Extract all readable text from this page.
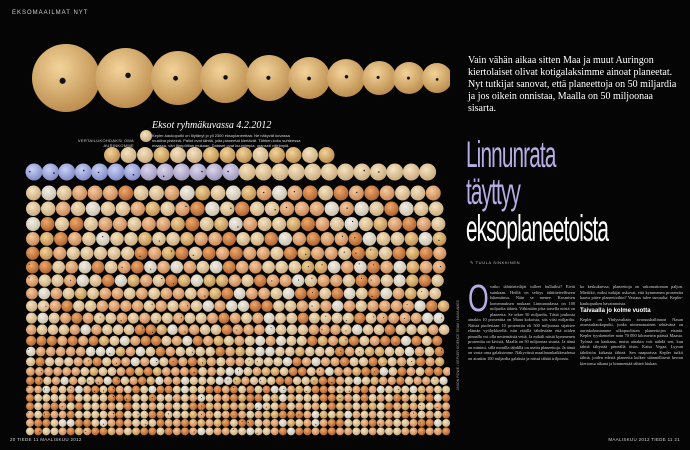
EKSOMAAILMAT NYT
VERTAILUKOHDAKSI OMA AURINKOMME
Eksot ryhmäkuvassa 4.2.2012
Kepler-kaukoputki on löytänyt jo yli 2300 eksoplaneettaa. Ne näkyvät kuvassa mustina pisteinä. Pallot ovat tähtiä, joita planeetat kiertävät. Tähtien koko suhteessa maassa, väri lämpötilan mukaan. Dataset ovat kuumimpia, oranssit viileimpiä.
JASON ROWE / KEPLER SCIENCE TEAM / NASA AMES
Vain vähän aikaa sitten Maa ja muut Auringon kiertolaiset olivat kotigalaksimme ainoat planeetat. Nyt tutkijat sanovat, että planeettoja on 50 miljardia ja jos oikein onnistaa, Maalla on 50 miljoonaa sisarta.
Linnunrata
täyttyy
eksoplaneetoista
✎ TUULA SINKKINEN
O vatko tähtitieteilijät tulleet hulluiksi? Eivät suinkaan. Heillä on selitys tähtitieteelliseen lukemiinsa. Näin se menee. Kosmisen komennuksen mukaan Linnunradassa on 100 miljardia tähteä. Vähintään joka toisella niistä on planeetta. Se tekee 50 miljardia. Tästä joukosta ainakin 10 prosenttia on Maan kokoisia, siis viisi miljardia. Näistä puolestaan 10 prosenttia eli 500 miljoonaa sijaitsee elämän vyöhykkeellä, niin etäällä tähdestään että niiden pinnalla voi olla nestemäistä vettä. Ja mikäli niistä kymmenen prosenttia on kivisiä, Maalla on 50 miljoonaa sisarta. Ja tämä on minimi, sillä monilla tähdillä on useita planeettoja. Ja tämä on vasta oma galaksimme. Näkyvässä maailmankaikkeudessa on ainakin 100 miljardia galaksia ja niissä tähtiä triljoonia.
ko keskuksessa, planeettoja on uskomattoman paljon. Miettikö, miksi tutkijat uskovat, että kymmenen prosenttia kaava pätee planeettoihin? Vastaus tulee tarvaalta: Kepler-kaukoputken havainnoista.
Taivaalla jo kolme vuotta
Kepler on Yhdysvaltain avaruushallinnon Nasan avaruuskaukoputki, jonka nimenomainen tehtävänä on aurinkokuntamme ulkopuolisten planeettojen etsintä. Kepler tyyskentelee noin 70 000 kilometrin päässä Maasta. Työnsä on kaukana, mutta ainakin voit nähdä sen, kun tähtiä tähystää pimeällä öisin. Katso Vegaa, Lyyran tähdistön kirkasta tähteä. Sen naapurissa Kepler tutkii tähtiä, joiden edestä planeetta kulkee säännöllisesti kerran kiertonsa aikana ja himmentää tähteä hiukan.
20 TIEDE 11 MAALISKUU 2012	MAALISKUU 2012 TIEDE 11 21
